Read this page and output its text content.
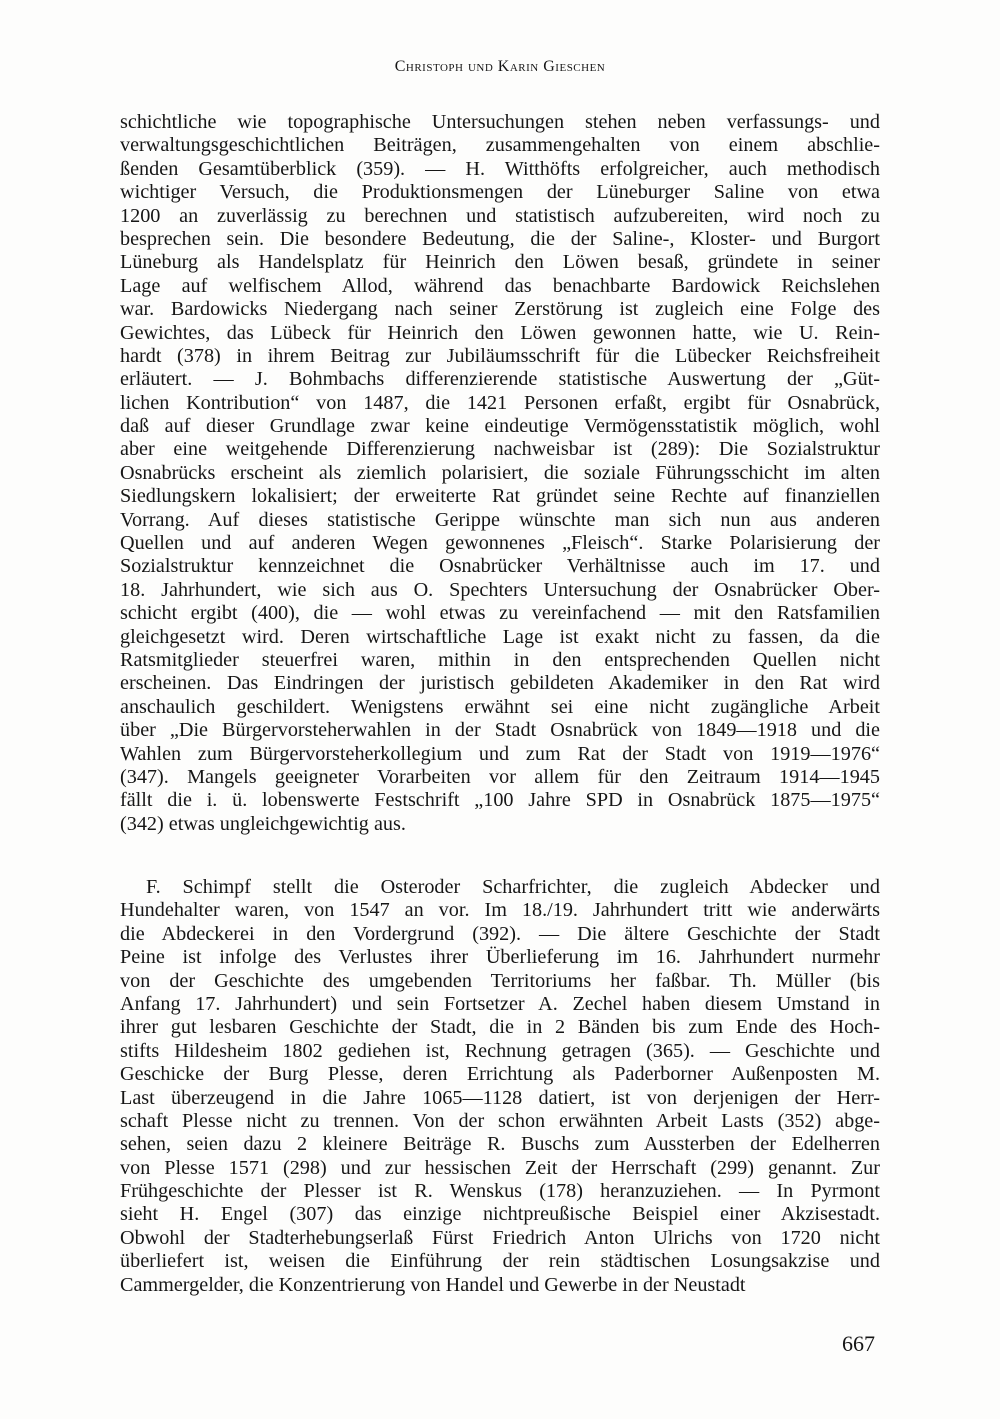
Christoph und Karin Gieschen
schichtliche wie topographische Untersuchungen stehen neben verfassungs- und
verwaltungsgeschichtlichen Beiträgen, zusammengehalten von einem abschlie-
ßenden Gesamtüberblick (359). — H. Witthöfts erfolgreicher, auch methodisch
wichtiger Versuch, die Produktionsmengen der Lüneburger Saline von etwa
1200 an zuverlässig zu berechnen und statistisch aufzubereiten, wird noch zu
besprechen sein. Die besondere Bedeutung, die der Saline-, Kloster- und Burgort
Lüneburg als Handelsplatz für Heinrich den Löwen besaß, gründete in seiner
Lage auf welfischem Allod, während das benachbarte Bardowick Reichslehen
war. Bardowicks Niedergang nach seiner Zerstörung ist zugleich eine Folge des
Gewichtes, das Lübeck für Heinrich den Löwen gewonnen hatte, wie U. Rein-
hardt (378) in ihrem Beitrag zur Jubiläumsschrift für die Lübecker Reichsfreiheit
erläutert. — J. Bohmbachs differenzierende statistische Auswertung der „Güt-
lichen Kontribution“ von 1487, die 1421 Personen erfaßt, ergibt für Osnabrück,
daß auf dieser Grundlage zwar keine eindeutige Vermögensstatistik möglich, wohl
aber eine weitgehende Differenzierung nachweisbar ist (289): Die Sozialstruktur
Osnabrücks erscheint als ziemlich polarisiert, die soziale Führungsschicht im alten
Siedlungskern lokalisiert; der erweiterte Rat gründet seine Rechte auf finanziellen
Vorrang. Auf dieses statistische Gerippe wünschte man sich nun aus anderen
Quellen und auf anderen Wegen gewonnenes „Fleisch“. Starke Polarisierung der
Sozialstruktur kennzeichnet die Osnabrücker Verhältnisse auch im 17. und
18. Jahrhundert, wie sich aus O. Spechters Untersuchung der Osnabrücker Ober-
schicht ergibt (400), die — wohl etwas zu vereinfachend — mit den Ratsfamilien
gleichgesetzt wird. Deren wirtschaftliche Lage ist exakt nicht zu fassen, da die
Ratsmitglieder steuerfrei waren, mithin in den entsprechenden Quellen nicht
erscheinen. Das Eindringen der juristisch gebildeten Akademiker in den Rat wird
anschaulich geschildert. Wenigstens erwähnt sei eine nicht zugängliche Arbeit
über „Die Bürgervorsteherwahlen in der Stadt Osnabrück von 1849—1918 und die
Wahlen zum Bürgervorsteherkollegium und zum Rat der Stadt von 1919—1976“
(347). Mangels geeigneter Vorarbeiten vor allem für den Zeitraum 1914—1945
fällt die i. ü. lobenswerte Festschrift „100 Jahre SPD in Osnabrück 1875—1975“
(342) etwas ungleichgewichtig aus.
F. Schimpf stellt die Osteroder Scharfrichter, die zugleich Abdecker und
Hundehalter waren, von 1547 an vor. Im 18./19. Jahrhundert tritt wie anderwärts
die Abdeckerei in den Vordergrund (392). — Die ältere Geschichte der Stadt
Peine ist infolge des Verlustes ihrer Überlieferung im 16. Jahrhundert nurmehr
von der Geschichte des umgebenden Territoriums her faßbar. Th. Müller (bis
Anfang 17. Jahrhundert) und sein Fortsetzer A. Zechel haben diesem Umstand in
ihrer gut lesbaren Geschichte der Stadt, die in 2 Bänden bis zum Ende des Hoch-
stifts Hildesheim 1802 gediehen ist, Rechnung getragen (365). — Geschichte und
Geschicke der Burg Plesse, deren Errichtung als Paderborner Außenposten M.
Last überzeugend in die Jahre 1065—1128 datiert, ist von derjenigen der Herr-
schaft Plesse nicht zu trennen. Von der schon erwähnten Arbeit Lasts (352) abge-
sehen, seien dazu 2 kleinere Beiträge R. Buschs zum Aussterben der Edelherren
von Plesse 1571 (298) und zur hessischen Zeit der Herrschaft (299) genannt. Zur
Frühgeschichte der Plesser ist R. Wenskus (178) heranzuziehen. — In Pyrmont
sieht H. Engel (307) das einzige nichtpreußische Beispiel einer Akzisestadt.
Obwohl der Stadterhebungserlaß Fürst Friedrich Anton Ulrichs von 1720 nicht
überliefert ist, weisen die Einführung der rein städtischen Losungsakzise und
Cammergelder, die Konzentrierung von Handel und Gewerbe in der Neustadt
667
